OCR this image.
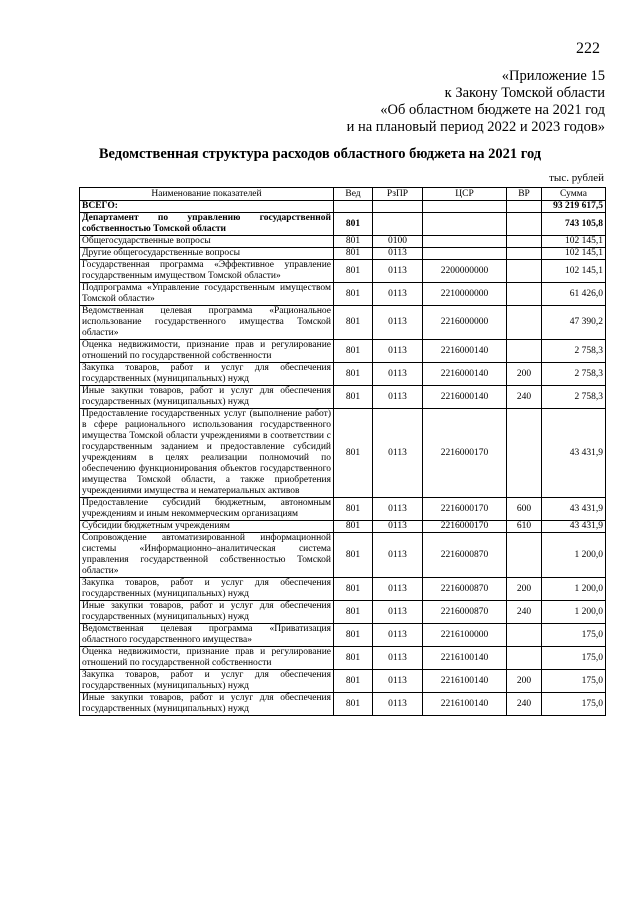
222
«Приложение 15
к Закону Томской области
«Об областном бюджете на 2021 год
и на плановый период 2022 и 2023 годов»
Ведомственная структура расходов областного бюджета на 2021 год
тыс. рублей
Наименование показателей	Вед	РзПР	ЦСР	ВР	Сумма
ВСЕГО:					93 219 617,5
Департамент по управлению государственной собственностью Томской области	801				743 105,8
Общегосударственные вопросы	801	0100			102 145,1
Другие общегосударственные вопросы	801	0113			102 145,1
Государственная программа «Эффективное управление государственным имуществом Томской области»	801	0113	2200000000		102 145,1
Подпрограмма «Управление государственным имуществом Томской области»	801	0113	2210000000		61 426,0
Ведомственная целевая программа «Рациональное использование государственного имущества Томской области»	801	0113	2216000000		47 390,2
Оценка недвижимости, признание прав и регулирование отношений по государственной собственности	801	0113	2216000140		2 758,3
Закупка товаров, работ и услуг для обеспечения государственных (муниципальных) нужд	801	0113	2216000140	200	2 758,3
Иные закупки товаров, работ и услуг для обеспечения государственных (муниципальных) нужд	801	0113	2216000140	240	2 758,3
Предоставление государственных услуг (выполнение работ) в сфере рационального использования государственного имущества Томской области учреждениями в соответствии с государственным заданием и предоставление субсидий учреждениям в целях реализации полномочий по обеспечению функционирования объектов государственного имущества Томской области, а также приобретения учреждениями имущества и нематериальных активов	801	0113	2216000170		43 431,9
Предоставление субсидий бюджетным, автономным учреждениям и иным некоммерческим организациям	801	0113	2216000170	600	43 431,9
Субсидии бюджетным учреждениям	801	0113	2216000170	610	43 431,9
Сопровождение автоматизированной информационной системы «Информационно–аналитическая система управления государственной собственностью Томской области»	801	0113	2216000870		1 200,0
Закупка товаров, работ и услуг для обеспечения государственных (муниципальных) нужд	801	0113	2216000870	200	1 200,0
Иные закупки товаров, работ и услуг для обеспечения государственных (муниципальных) нужд	801	0113	2216000870	240	1 200,0
Ведомственная целевая программа «Приватизация областного государственного имущества»	801	0113	2216100000		175,0
Оценка недвижимости, признание прав и регулирование отношений по государственной собственности	801	0113	2216100140		175,0
Закупка товаров, работ и услуг для обеспечения государственных (муниципальных) нужд	801	0113	2216100140	200	175,0
Иные закупки товаров, работ и услуг для обеспечения государственных (муниципальных) нужд	801	0113	2216100140	240	175,0
